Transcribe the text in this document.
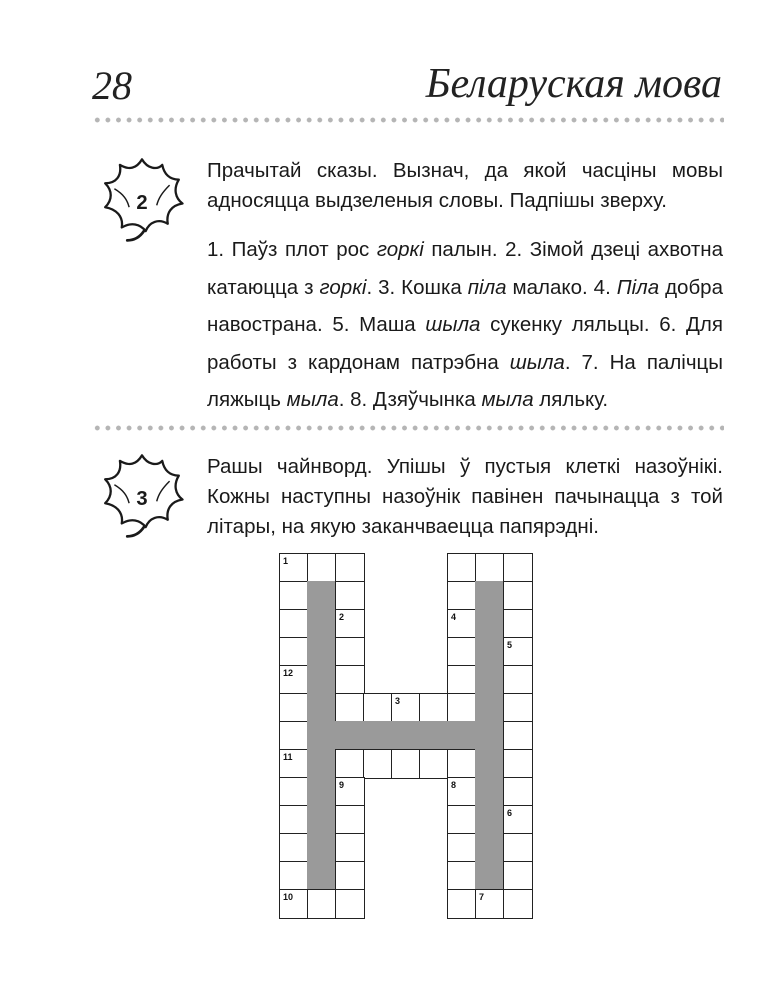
28	Беларуская мова
2

Прачытай сказы. Вызнач, да якой часціны мовы адносяцца выдзеленыя словы. Падпішы зверху.

1. Паўз плот рос горкі палын. 2. Зімой дзеці ахвотна катаюцца з горкі. 3. Кошка піла малако. 4. Піла добра навострана. 5. Маша шыла сукенку ляльцы. 6. Для работы з кардонам патрэбна шыла. 7. На палічцы ляжыць мыла. 8. Дзяўчынка мыла ляльку.
3

Рашы чайнворд. Упішы ў пустыя клеткі назоўнікі. Кожны наступны назоўнік павінен пачынацца з той літары, на якую заканчваецца папярэдні.

1
2
3
4
5
6
7
8
9
10
11
12
